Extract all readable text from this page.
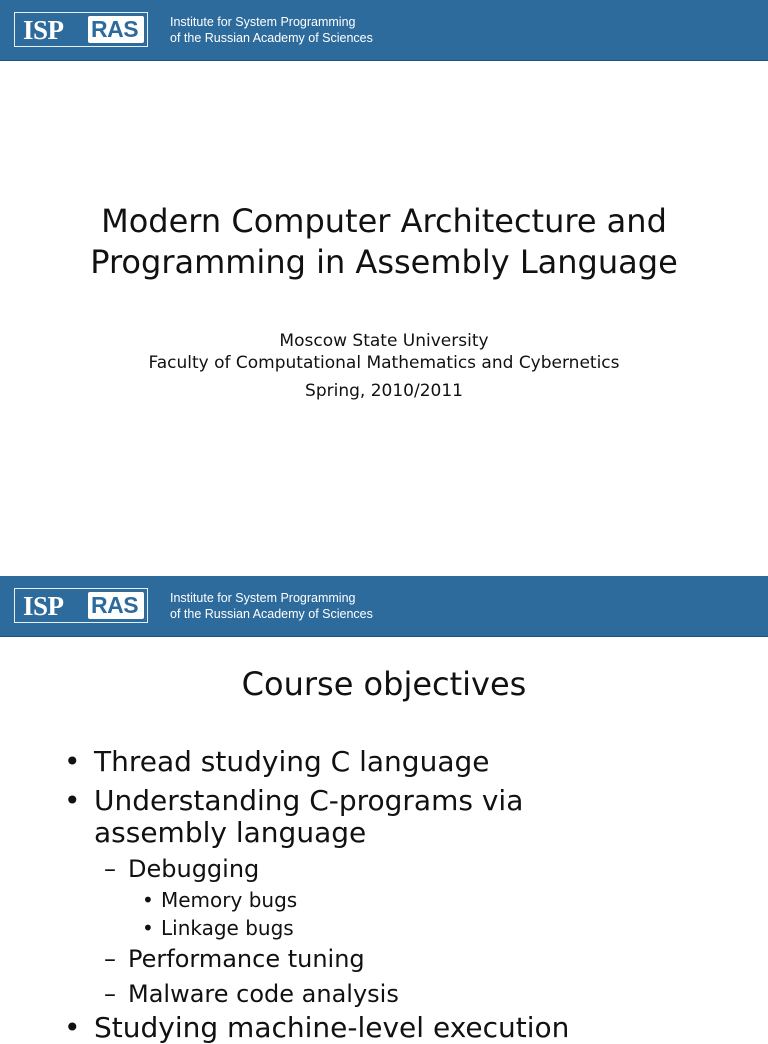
ISP RAS	Institute for System Programming
of the Russian Academy of Sciences
Modern Computer Architecture and
Programming in Assembly Language
Moscow State University
Faculty of Computational Mathematics and Cybernetics
Spring, 2010/2011
ISP RAS	Institute for System Programming
of the Russian Academy of Sciences
Course objectives
• Thread studying C language
• Understanding C-programs via
assembly language
– Debugging
• Memory bugs
• Linkage bugs
– Performance tuning
– Malware code analysis
• Studying machine-level execution
